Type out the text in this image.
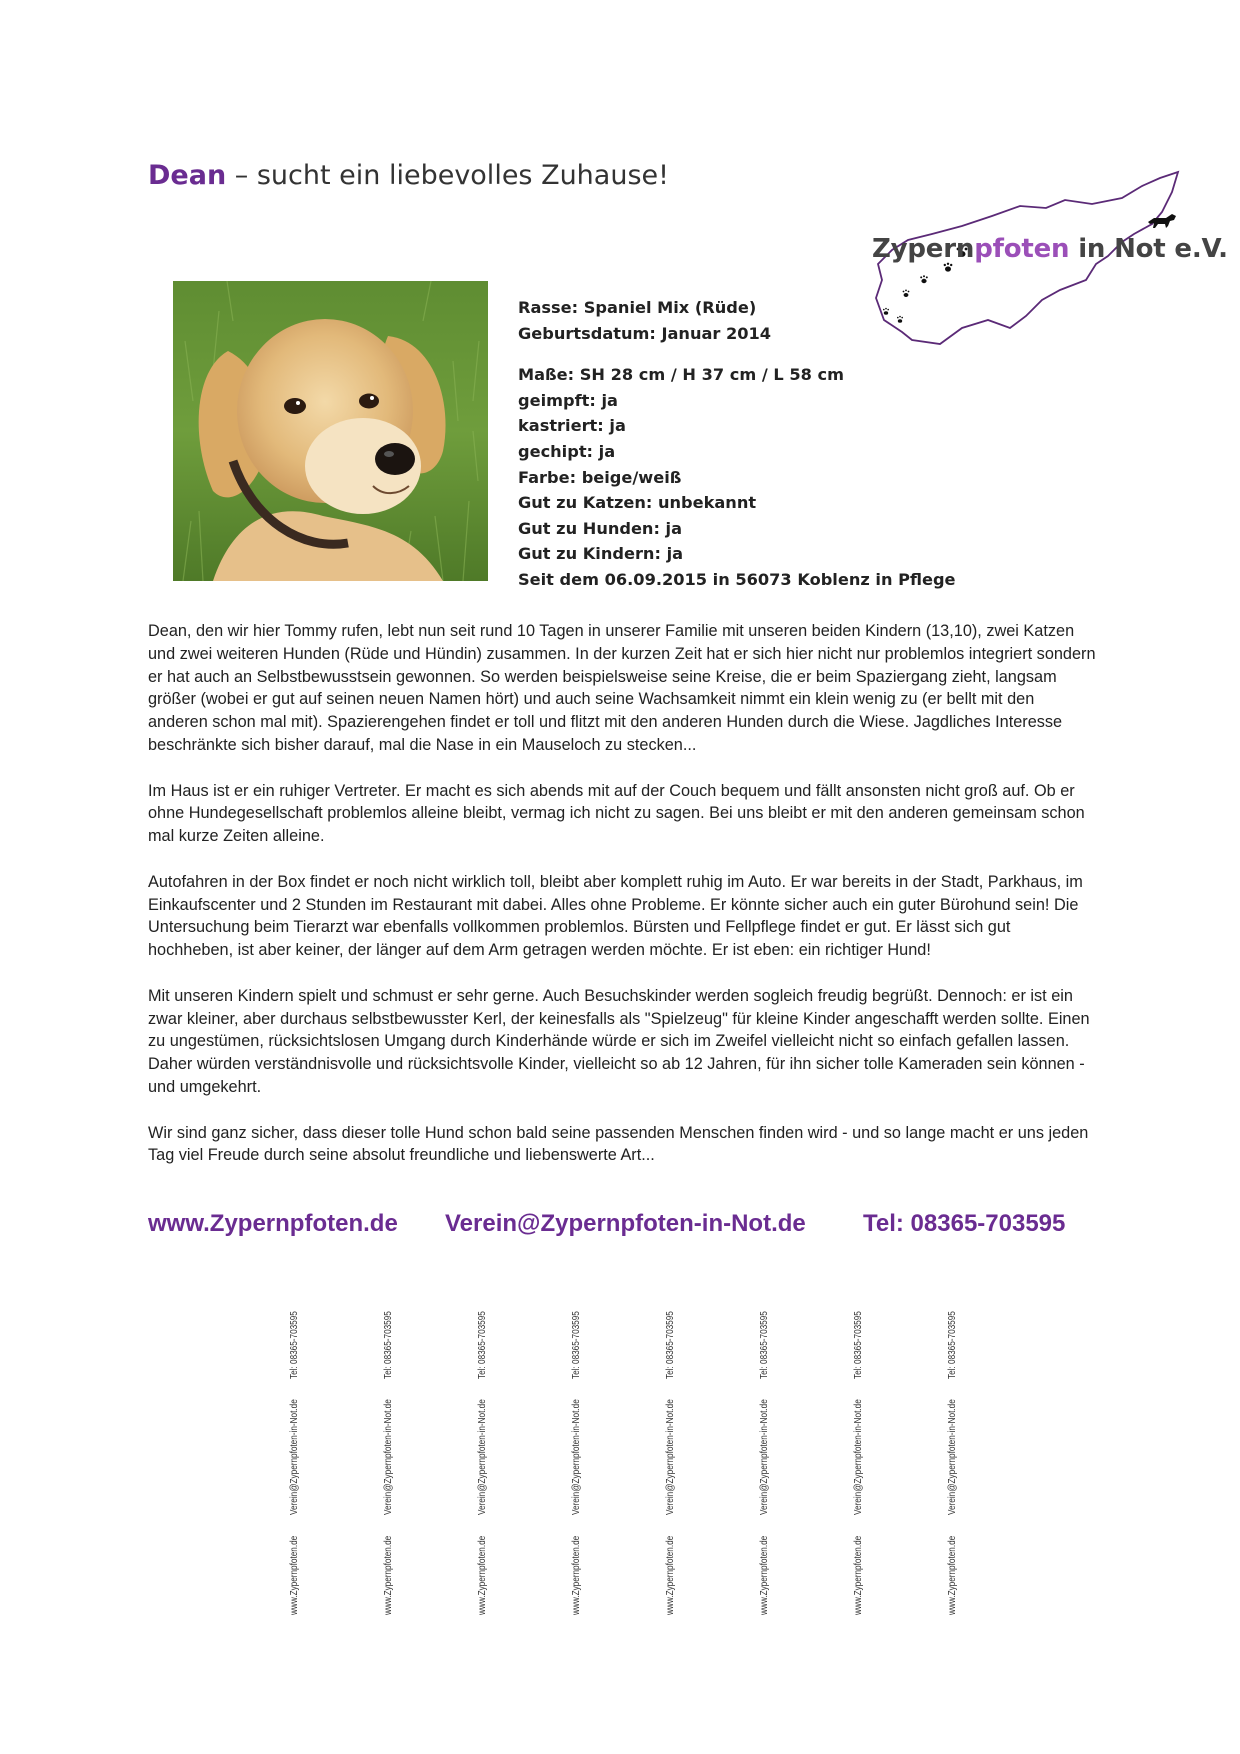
Dean – sucht ein liebevolles Zuhause!
Zypernpfoten in Not e.V.
Rasse: Spaniel Mix (Rüde)
Geburtsdatum: Januar 2014
Maße: SH 28 cm / H 37 cm / L 58 cm
geimpft: ja
kastriert: ja
gechipt: ja
Farbe: beige/weiß
Gut zu Katzen: unbekannt
Gut zu Hunden: ja
Gut zu Kindern: ja
Seit dem 06.09.2015 in 56073 Koblenz in Pflege

Dean, den wir hier Tommy rufen, lebt nun seit rund 10 Tagen in unserer Familie mit unseren beiden Kindern (13,10), zwei Katzen und zwei weiteren Hunden (Rüde und Hündin) zusammen. In der kurzen Zeit hat er sich hier nicht nur problemlos integriert sondern er hat auch an Selbstbewusstsein gewonnen. So werden beispielsweise seine Kreise, die er beim Spaziergang zieht, langsam größer (wobei er gut auf seinen neuen Namen hört) und auch seine Wachsamkeit nimmt ein klein wenig zu (er bellt mit den anderen schon mal mit). Spazierengehen findet er toll und flitzt mit den anderen Hunden durch die Wiese. Jagdliches Interesse beschränkte sich bisher darauf, mal die Nase in ein Mauseloch zu stecken...

Im Haus ist er ein ruhiger Vertreter. Er macht es sich abends mit auf der Couch bequem und fällt ansonsten nicht groß auf. Ob er ohne Hundegesellschaft problemlos alleine bleibt, vermag ich nicht zu sagen. Bei uns bleibt er mit den anderen gemeinsam schon mal kurze Zeiten alleine.

Autofahren in der Box findet er noch nicht wirklich toll, bleibt aber komplett ruhig im Auto. Er war bereits in der Stadt, Parkhaus, im Einkaufscenter und 2 Stunden im Restaurant mit dabei. Alles ohne Probleme. Er könnte sicher auch ein guter Bürohund sein! Die Untersuchung beim Tierarzt war ebenfalls vollkommen problemlos. Bürsten und Fellpflege findet er gut. Er lässt sich gut hochheben, ist aber keiner, der länger auf dem Arm getragen werden möchte. Er ist eben: ein richtiger Hund!

Mit unseren Kindern spielt und schmust er sehr gerne. Auch Besuchskinder werden sogleich freudig begrüßt. Dennoch: er ist ein zwar kleiner, aber durchaus selbstbewusster Kerl, der keinesfalls als "Spielzeug" für kleine Kinder angeschafft werden sollte. Einen zu ungestümen, rücksichtslosen Umgang durch Kinderhände würde er sich im Zweifel vielleicht nicht so einfach gefallen lassen. Daher würden verständnisvolle und rücksichtsvolle Kinder, vielleicht so ab 12 Jahren, für ihn sicher tolle Kameraden sein können - und umgekehrt.

Wir sind ganz sicher, dass dieser tolle Hund schon bald seine passenden Menschen finden wird - und so lange macht er uns jeden Tag viel Freude durch seine absolut freundliche und liebenswerte Art...

www.Zypernpfoten.de Verein@Zypernpfoten-in-Not.de Tel: 08365-703595
www.Zypernpfoten.de
Verein@Zypernpfoten-in-Not.de
Tel: 08365-703595
www.Zypernpfoten.de
Verein@Zypernpfoten-in-Not.de
Tel: 08365-703595
www.Zypernpfoten.de
Verein@Zypernpfoten-in-Not.de
Tel: 08365-703595
www.Zypernpfoten.de
Verein@Zypernpfoten-in-Not.de
Tel: 08365-703595
www.Zypernpfoten.de
Verein@Zypernpfoten-in-Not.de
Tel: 08365-703595
www.Zypernpfoten.de
Verein@Zypernpfoten-in-Not.de
Tel: 08365-703595
www.Zypernpfoten.de
Verein@Zypernpfoten-in-Not.de
Tel: 08365-703595
www.Zypernpfoten.de
Verein@Zypernpfoten-in-Not.de
Tel: 08365-703595
